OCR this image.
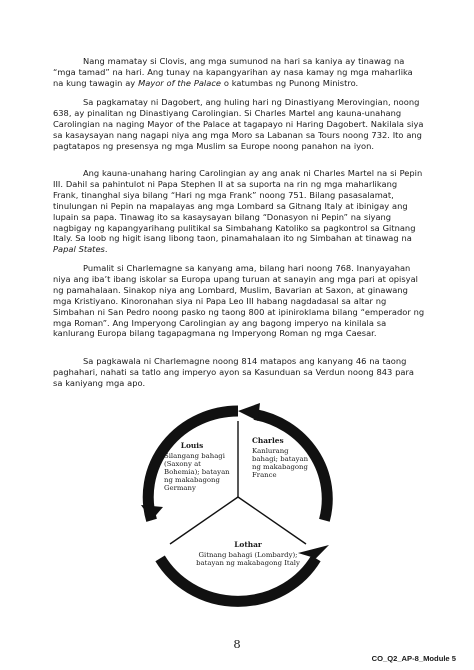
Nang mamatay si Clovis, ang mga sumunod na hari sa kaniya ay tinawag na “mga tamad” na hari. Ang tunay na kapangyarihan ay nasa kamay ng mga maharlika na kung tawagin ay Mayor of the Palace o katumbas ng Punong Ministro.

Sa pagkamatay ni Dagobert, ang huling hari ng Dinastiyang Merovingian, noong 638, ay pinalitan ng Dinastiyang Carolingian. Si Charles Martel ang kauna-unahang Carolingian na naging Mayor of the Palace at tagapayo ni Haring Dagobert. Nakilala siya sa kasaysayan nang nagapi niya ang mga Moro sa Labanan sa Tours noong 732. Ito ang pagtatapos ng presensya ng mga Muslim sa Europe noong panahon na iyon.

Ang kauna-unahang haring Carolingian ay ang anak ni Charles Martel na si Pepin III. Dahil sa pahintulot ni Papa Stephen II at sa suporta na rin ng mga maharlikang Frank, tinanghal siya bilang “Hari ng mga Frank” noong 751. Bilang pasasalamat, tinulungan ni Pepin na mapalayas ang mga Lombard sa Gitnang Italy at ibinigay ang lupain sa papa. Tinawag ito sa kasaysayan bilang “Donasyon ni Pepin” na siyang nagbigay ng kapangyarihang pulitikal sa Simbahang Katoliko sa pagkontrol sa Gitnang Italy. Sa loob ng higit isang libong taon, pinamahalaan ito ng Simbahan at tinawag na Papal States.

Pumalit si Charlemagne sa kanyang ama, bilang hari noong 768. Inanyayahan niya ang iba’t ibang iskolar sa Europa upang turuan at sanayin ang mga pari at opisyal ng pamahalaan. Sinakop niya ang Lombard, Muslim, Bavarian at Saxon, at ginawang mga Kristiyano. Kinoronahan siya ni Papa Leo III habang nagdadasal sa altar ng Simbahan ni San Pedro noong pasko ng taong 800 at ipiniroklama bilang “emperador ng mga Roman”. Ang Imperyong Carolingian ay ang bagong imperyo na kinilala sa kanlurang Europa bilang tagapagmana ng Imperyong Roman ng mga Caesar.

Sa pagkawala ni Charlemagne noong 814 matapos ang kanyang 46 na taong paghahari, nahati sa tatlo ang imperyo ayon sa Kasunduan sa Verdun noong 843 para sa kaniyang mga apo.

Louis
Silangang bahagi (Saxony at Bohemia); batayan ng makabagong Germany
Charles
Kanlurang bahagi; batayan ng makabagong France
Lothar
Gitnang bahagi (Lombardy); batayan ng makabagong Italy
8
CO_Q2_AP-8_Module 5
